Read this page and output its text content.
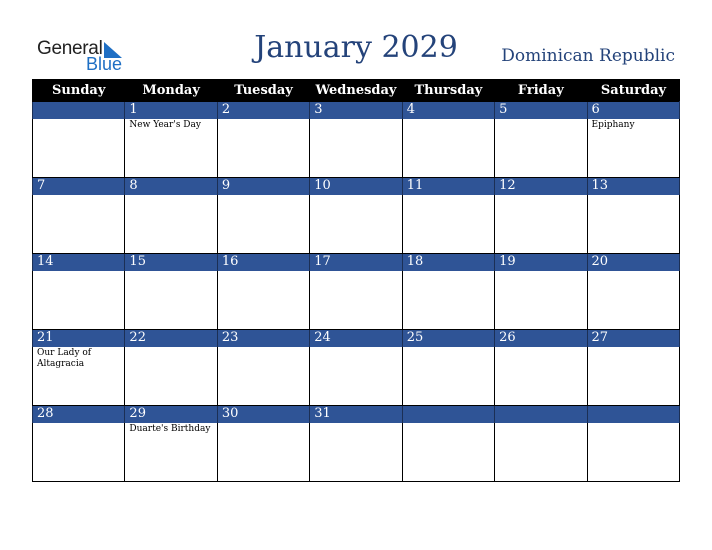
General
Blue	January 2029	Dominican Republic
Sunday	Monday	Tuesday	Wednesday	Thursday	Friday	Saturday
	1	2	3	4	5	6
	New Year's Day					Epiphany
7	8	9	10	11	12	13

14	15	16	17	18	19	20

21	22	23	24	25	26	27
Our Lady of Altagracia						
28	29	30	31			
	Duarte's Birthday					
